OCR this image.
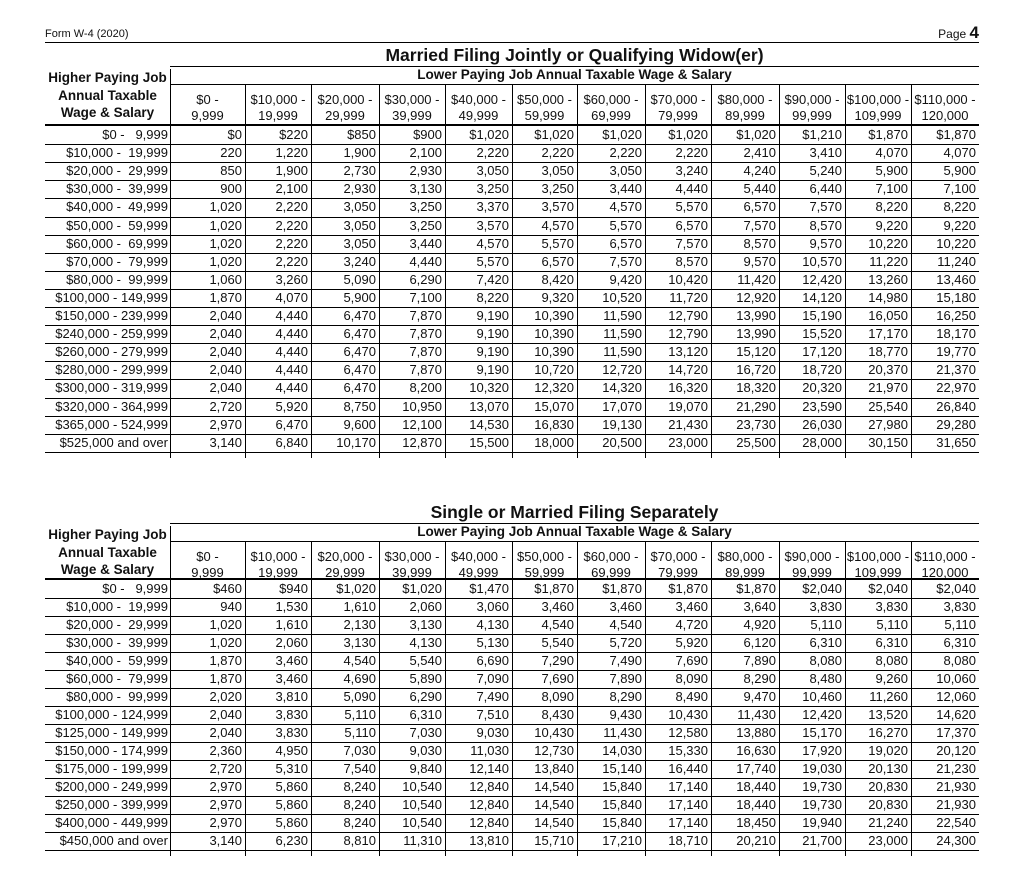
Form W-4 (2020)	Page 4
Married Filing Jointly or Qualifying Widow(er)
Lower Paying Job Annual Taxable Wage & Salary
Higher Paying Job
Annual Taxable
Wage & Salary
$0 -
9,999
$10,000 -
19,999
$20,000 -
29,999
$30,000 -
39,999
$40,000 -
49,999
$50,000 -
59,999
$60,000 -
69,999
$70,000 -
79,999
$80,000 -
89,999
$90,000 -
99,999
$100,000 -
109,999
$110,000 -
120,000
$0 -   9,999	$0	$220	$850	$900	$1,020	$1,020	$1,020	$1,020	$1,020	$1,210	$1,870	$1,870
$10,000 -  19,999	220	1,220	1,900	2,100	2,220	2,220	2,220	2,220	2,410	3,410	4,070	4,070
$20,000 -  29,999	850	1,900	2,730	2,930	3,050	3,050	3,050	3,240	4,240	5,240	5,900	5,900
$30,000 -  39,999	900	2,100	2,930	3,130	3,250	3,250	3,440	4,440	5,440	6,440	7,100	7,100
$40,000 -  49,999	1,020	2,220	3,050	3,250	3,370	3,570	4,570	5,570	6,570	7,570	8,220	8,220
$50,000 -  59,999	1,020	2,220	3,050	3,250	3,570	4,570	5,570	6,570	7,570	8,570	9,220	9,220
$60,000 -  69,999	1,020	2,220	3,050	3,440	4,570	5,570	6,570	7,570	8,570	9,570	10,220	10,220
$70,000 -  79,999	1,020	2,220	3,240	4,440	5,570	6,570	7,570	8,570	9,570	10,570	11,220	11,240
$80,000 -  99,999	1,060	3,260	5,090	6,290	7,420	8,420	9,420	10,420	11,420	12,420	13,260	13,460
$100,000 - 149,999	1,870	4,070	5,900	7,100	8,220	9,320	10,520	11,720	12,920	14,120	14,980	15,180
$150,000 - 239,999	2,040	4,440	6,470	7,870	9,190	10,390	11,590	12,790	13,990	15,190	16,050	16,250
$240,000 - 259,999	2,040	4,440	6,470	7,870	9,190	10,390	11,590	12,790	13,990	15,520	17,170	18,170
$260,000 - 279,999	2,040	4,440	6,470	7,870	9,190	10,390	11,590	13,120	15,120	17,120	18,770	19,770
$280,000 - 299,999	2,040	4,440	6,470	7,870	9,190	10,720	12,720	14,720	16,720	18,720	20,370	21,370
$300,000 - 319,999	2,040	4,440	6,470	8,200	10,320	12,320	14,320	16,320	18,320	20,320	21,970	22,970
$320,000 - 364,999	2,720	5,920	8,750	10,950	13,070	15,070	17,070	19,070	21,290	23,590	25,540	26,840
$365,000 - 524,999	2,970	6,470	9,600	12,100	14,530	16,830	19,130	21,430	23,730	26,030	27,980	29,280
$525,000 and over	3,140	6,840	10,170	12,870	15,500	18,000	20,500	23,000	25,500	28,000	30,150	31,650
Single or Married Filing Separately
Lower Paying Job Annual Taxable Wage & Salary
Higher Paying Job
Annual Taxable
Wage & Salary
$0 -
9,999
$10,000 -
19,999
$20,000 -
29,999
$30,000 -
39,999
$40,000 -
49,999
$50,000 -
59,999
$60,000 -
69,999
$70,000 -
79,999
$80,000 -
89,999
$90,000 -
99,999
$100,000 -
109,999
$110,000 -
120,000
$0 -   9,999	$460	$940	$1,020	$1,020	$1,470	$1,870	$1,870	$1,870	$1,870	$2,040	$2,040	$2,040
$10,000 -  19,999	940	1,530	1,610	2,060	3,060	3,460	3,460	3,460	3,640	3,830	3,830	3,830
$20,000 -  29,999	1,020	1,610	2,130	3,130	4,130	4,540	4,540	4,720	4,920	5,110	5,110	5,110
$30,000 -  39,999	1,020	2,060	3,130	4,130	5,130	5,540	5,720	5,920	6,120	6,310	6,310	6,310
$40,000 -  59,999	1,870	3,460	4,540	5,540	6,690	7,290	7,490	7,690	7,890	8,080	8,080	8,080
$60,000 -  79,999	1,870	3,460	4,690	5,890	7,090	7,690	7,890	8,090	8,290	8,480	9,260	10,060
$80,000 -  99,999	2,020	3,810	5,090	6,290	7,490	8,090	8,290	8,490	9,470	10,460	11,260	12,060
$100,000 - 124,999	2,040	3,830	5,110	6,310	7,510	8,430	9,430	10,430	11,430	12,420	13,520	14,620
$125,000 - 149,999	2,040	3,830	5,110	7,030	9,030	10,430	11,430	12,580	13,880	15,170	16,270	17,370
$150,000 - 174,999	2,360	4,950	7,030	9,030	11,030	12,730	14,030	15,330	16,630	17,920	19,020	20,120
$175,000 - 199,999	2,720	5,310	7,540	9,840	12,140	13,840	15,140	16,440	17,740	19,030	20,130	21,230
$200,000 - 249,999	2,970	5,860	8,240	10,540	12,840	14,540	15,840	17,140	18,440	19,730	20,830	21,930
$250,000 - 399,999	2,970	5,860	8,240	10,540	12,840	14,540	15,840	17,140	18,440	19,730	20,830	21,930
$400,000 - 449,999	2,970	5,860	8,240	10,540	12,840	14,540	15,840	17,140	18,450	19,940	21,240	22,540
$450,000 and over	3,140	6,230	8,810	11,310	13,810	15,710	17,210	18,710	20,210	21,700	23,000	24,300
